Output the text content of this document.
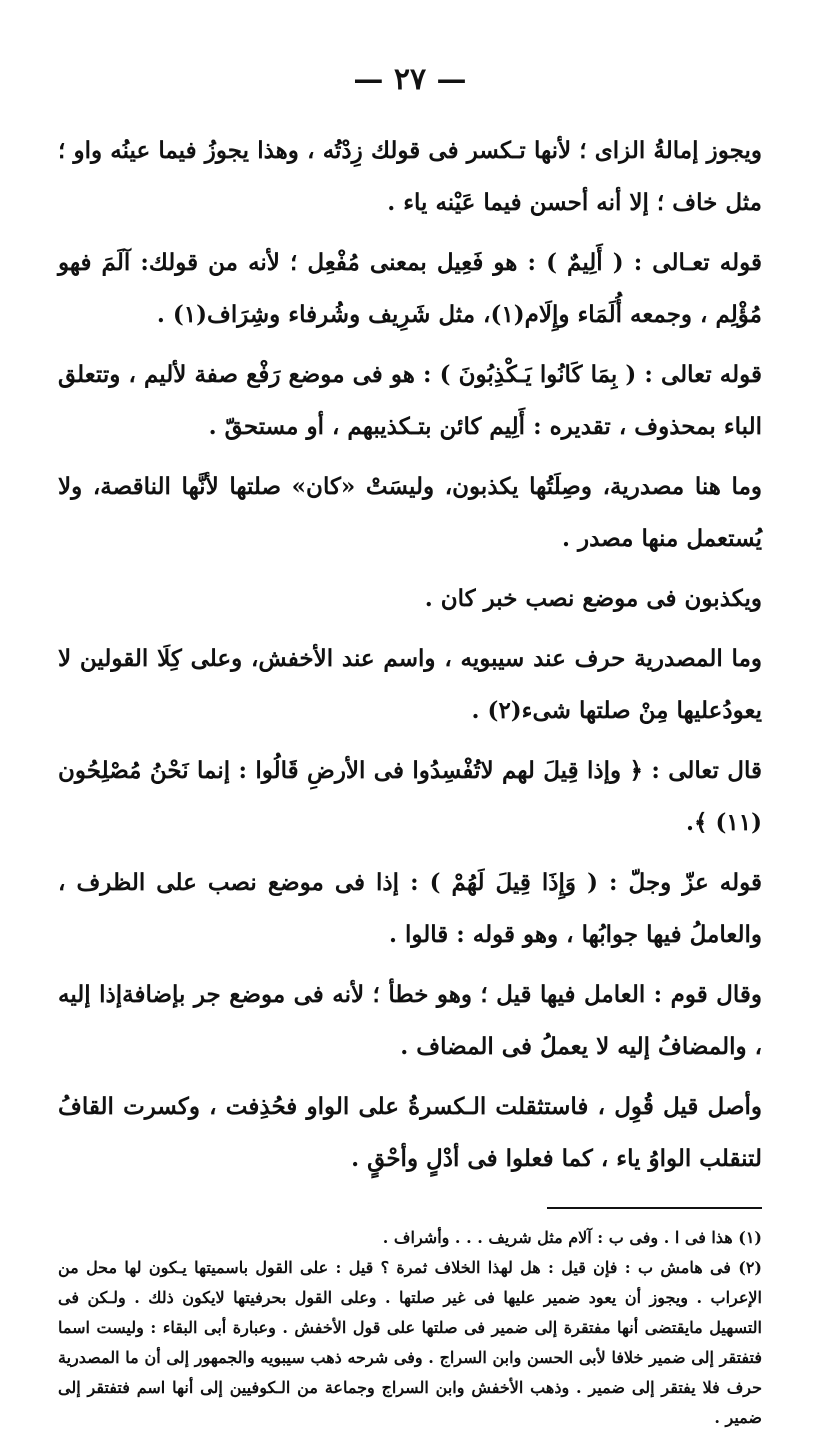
— ٢٧ —

ويجوز إمالةُ الزاى ؛ لأنها تـكسر فى قولك زِدْتُه ، وهذا يجوزُ فيما عينُه واو ؛مثل خاف ؛ إلا أنه أحسن فيما عَيْنه ياء .

قوله تعـالى : ( أَلِيمٌ ) : هو فَعِيل بمعنى مُفْعِل ؛ لأنه من قولك: آلَمَ فهو مُؤْلِم ، وجمعه أُلَمَاء وإِلَام(١)، مثل شَرِيف وشُرفاء وشِرَاف(١) .

قوله تعالى : ( بِمَا كَانُوا يَـكْذِبُونَ ) : هو فى موضع رَفْع صفة لأليم ، وتتعلق الباء بمحذوف ، تقديره : أَلِيم كائن بتـكذيبهم ، أو مستحقّ .

وما هنا مصدرية، وصِلَتُها يكذبون، وليسَتْ «كان» صلتها لأنَّها الناقصة، ولا يُستعمل منها مصدر .

ويكذبون فى موضع نصب خبر كان .

وما المصدرية حرف عند سيبويه ، واسم عند الأخفش، وعلى كِلَا القولين لا يعودُعليها مِنْ صلتها شىء(٢) .

قال تعالى : ﴿ وإذا قِيلَ لهم لاتُفْسِدُوا فى الأرضِ قَالُوا : إنما نَحْنُ مُصْلِحُون (١١) ﴾.

قوله عزّ وجلّ : ( وَإِذَا قِيلَ لَهُمْ ) : إذا فى موضع نصب على الظرف ، والعاملُ فيها جوابُها ، وهو قوله : قالوا .

وقال قوم : العامل فيها قيل ؛ وهو خطأ ؛ لأنه فى موضع جر بإضافةإذا إليه ، والمضافُ إليه لا يعملُ فى المضاف .

وأصل قيل قُوِل ، فاستثقلت الـكسرةُ على الواو فحُذِفت ، وكسرت القافُ لتنقلب الواوُ ياء ، كما فعلوا فى أدْلٍ وأحْقٍ .

(١) هذا فى ا . وفى ب : آلام مثل شريف . . . وأشراف .

(٢) فى هامش ب : فإن قيل : هل لهذا الخلاف ثمرة ؟ قيل : على القول باسميتها يـكون لها محل من الإعراب . ويجوز أن يعود ضمير عليها فى غير صلتها . وعلى القول بحرفيتها لايكون ذلك . ولـكن فى التسهيل مايقتضى أنها مفتقرة إلى ضمير فى صلتها على قول الأخفش . وعبارة أبى البقاء : وليست اسما فتفتقر إلى ضمير خلافا لأبى الحسن وابن السراج . وفى شرحه ذهب سيبويه والجمهور إلى أن ما المصدرية حرف فلا يفتقر إلى ضمير . وذهب الأخفش وابن السراج وجماعة من الـكوفيين إلى أنها اسم فتفتقر إلى ضمير .
